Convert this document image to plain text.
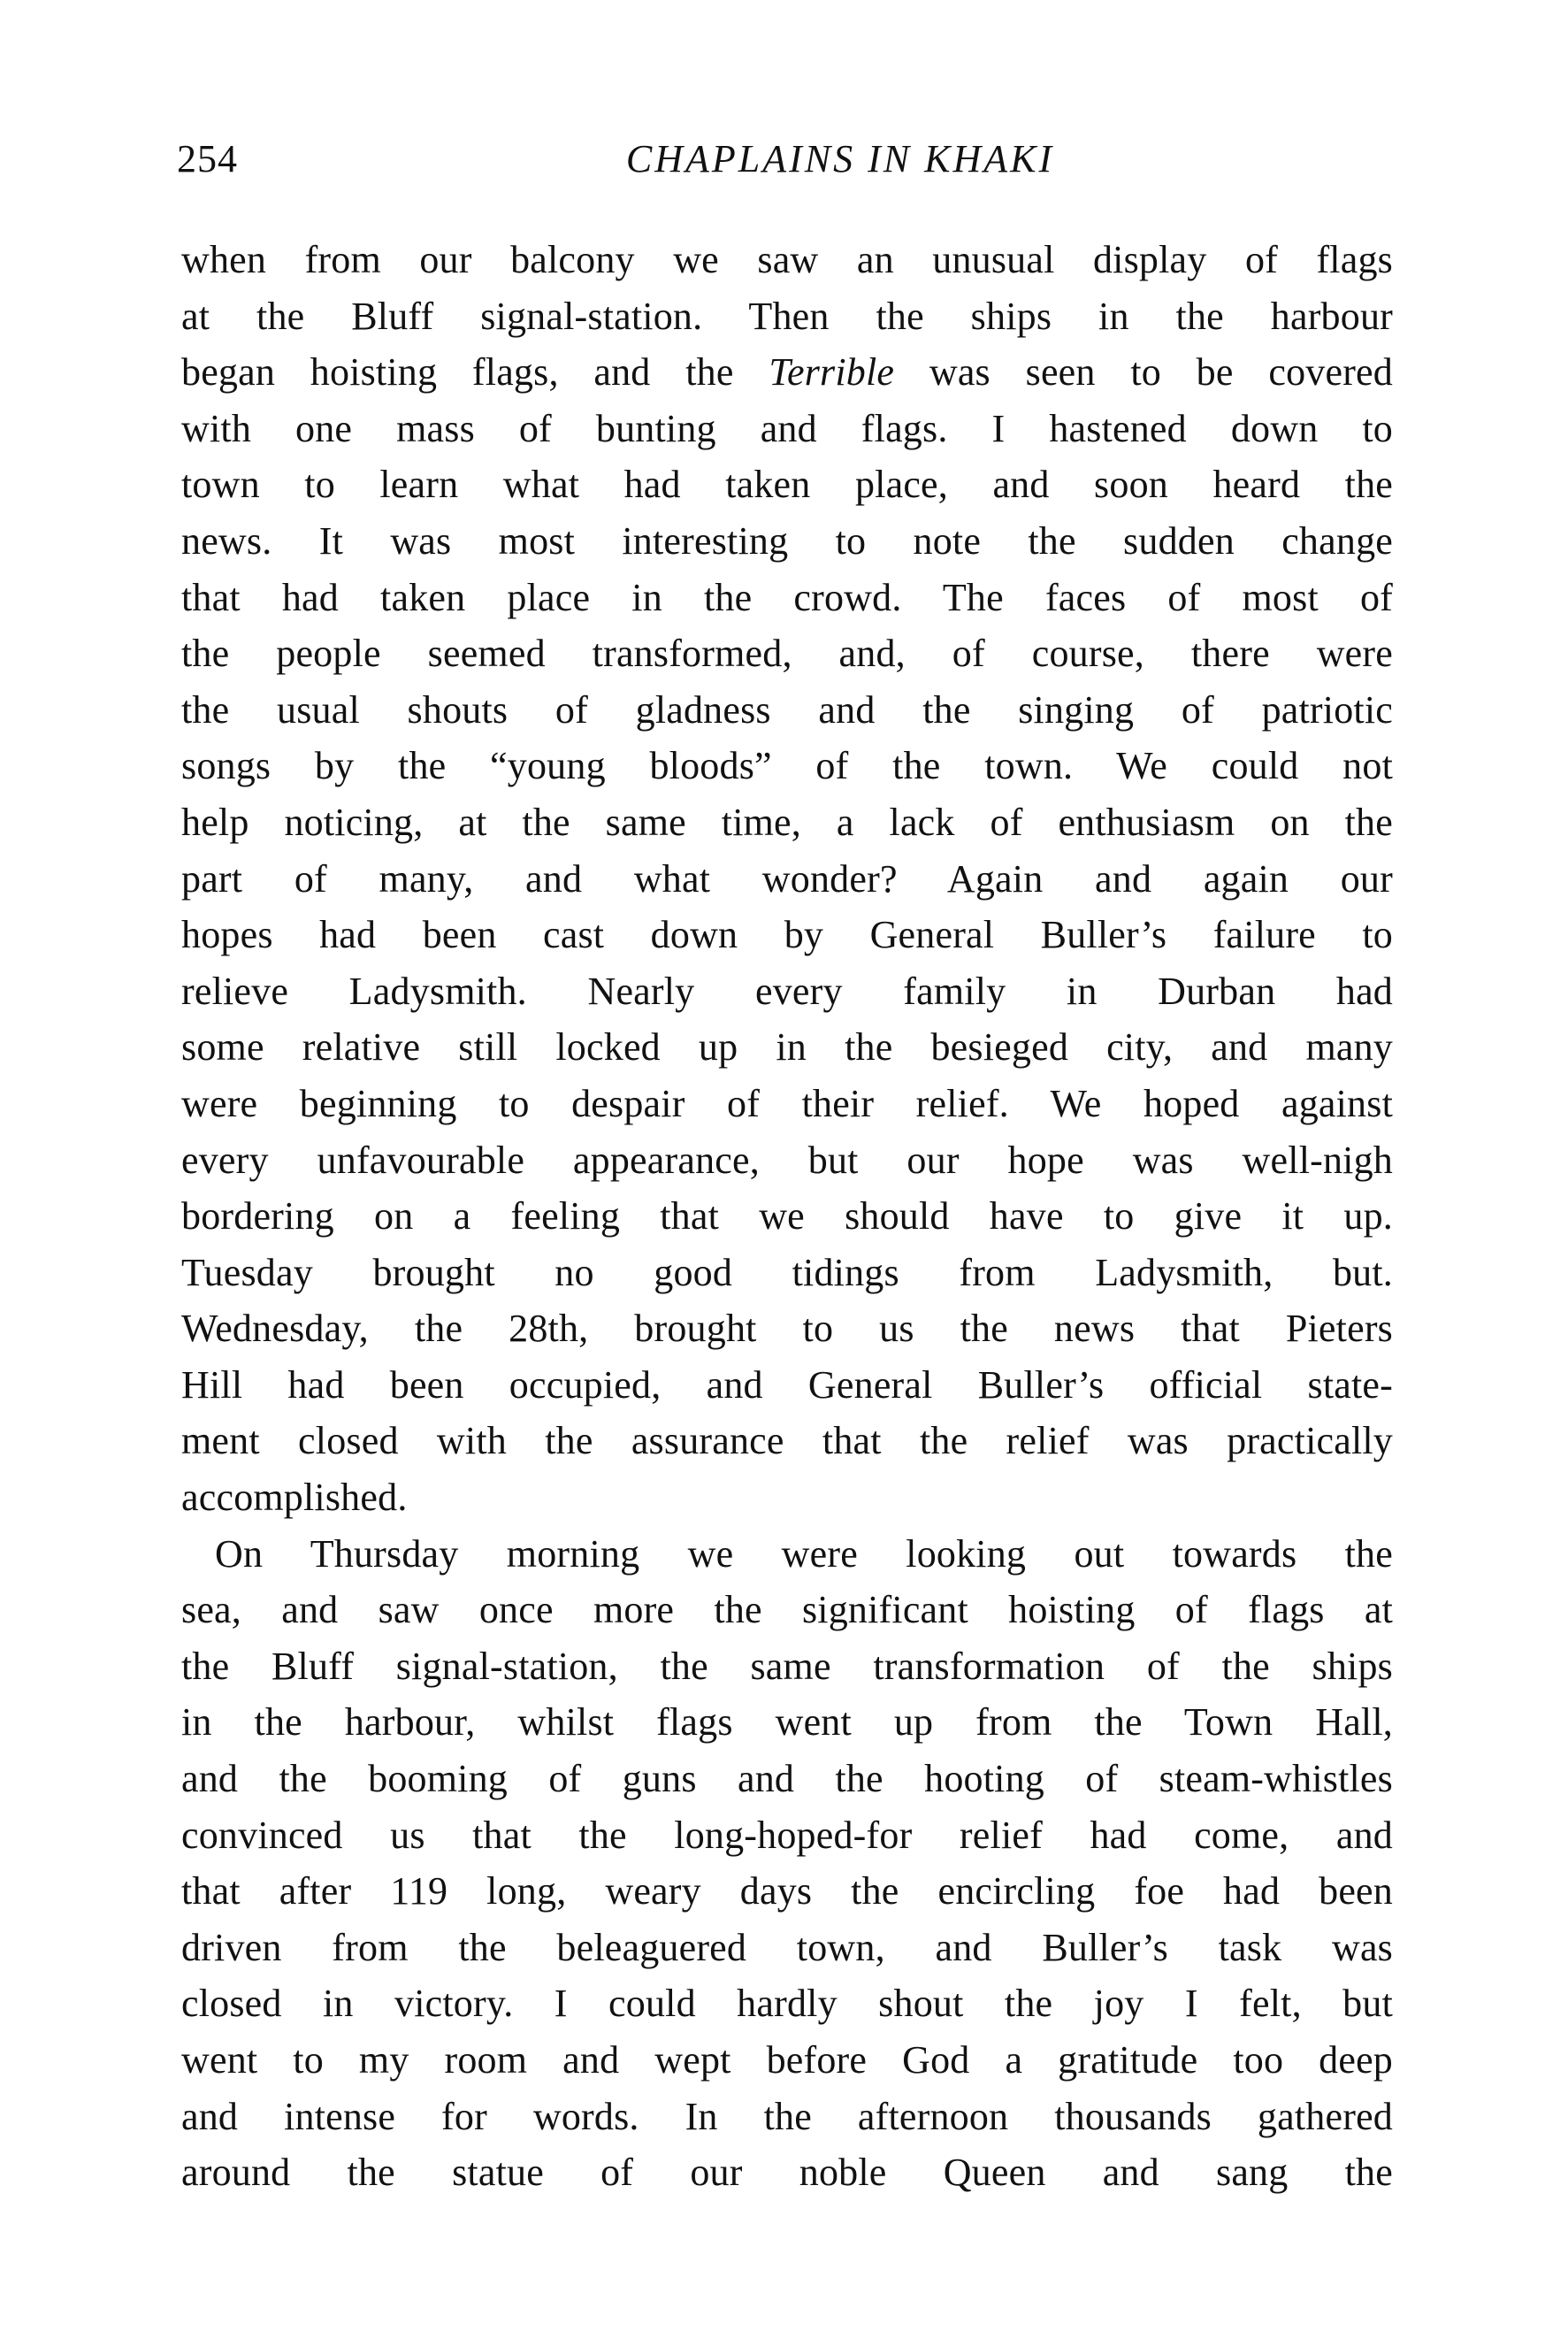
254	CHAPLAINS IN KHAKI
when from our balcony we saw an unusual display of flags
at the Bluff signal-station. Then the ships in the harbour
began hoisting flags, and the Terrible was seen to be covered
with one mass of bunting and flags. I hastened down to
town to learn what had taken place, and soon heard the
news. It was most interesting to note the sudden change
that had taken place in the crowd. The faces of most of
the people seemed transformed, and, of course, there were
the usual shouts of gladness and the singing of patriotic
songs by the “young bloods” of the town. We could not
help noticing, at the same time, a lack of enthusiasm on the
part of many, and what wonder? Again and again our
hopes had been cast down by General Buller’s failure to
relieve Ladysmith. Nearly every family in Durban had
some relative still locked up in the besieged city, and many
were beginning to despair of their relief. We hoped against
every unfavourable appearance, but our hope was well-nigh
bordering on a feeling that we should have to give it up.
Tuesday brought no good tidings from Ladysmith, but.
Wednesday, the 28th, brought to us the news that Pieters
Hill had been occupied, and General Buller’s official state-
ment closed with the assurance that the relief was practically
accomplished.
On Thursday morning we were looking out towards the
sea, and saw once more the significant hoisting of flags at
the Bluff signal-station, the same transformation of the ships
in the harbour, whilst flags went up from the Town Hall,
and the booming of guns and the hooting of steam-whistles
convinced us that the long-hoped-for relief had come, and
that after 119 long, weary days the encircling foe had been
driven from the beleaguered town, and Buller’s task was
closed in victory. I could hardly shout the joy I felt, but
went to my room and wept before God a gratitude too deep
and intense for words. In the afternoon thousands gathered
around the statue of our noble Queen and sang the
